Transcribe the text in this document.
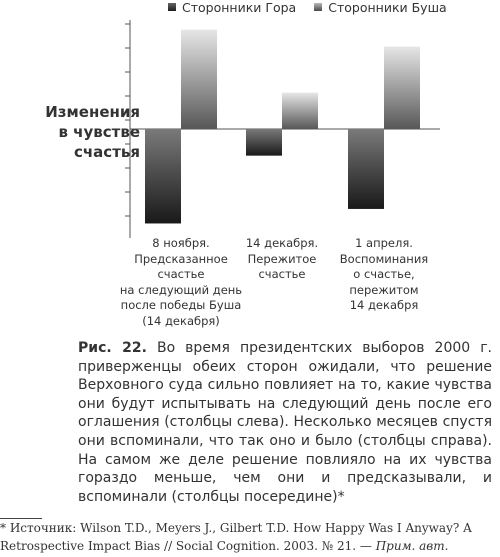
Сторонники Гора	Сторонники Буша
Изменения
в чувстве
счастья
8 ноября.
Предсказанное
счастье
на следующий день
после победы Буша
(14 декабря)
14 декабря.
Пережитое
счастье
1 апреля.
Воспоминания
о счастье,
пережитом
14 декабря
Рис. 22. Во время президентских выборов 2000 г. приверженцы обеих сторон ожидали, что решение Верховного суда сильно повлияет на то, какие чувства они будут испытывать на следующий день после его оглашения (столбцы слева). Несколько месяцев спустя они вспоминали, что так оно и было (столбцы справа). На самом же деле решение повлияло на их чувства гораздо меньше, чем они и предсказывали, и вспоминали (столбцы посередине)*
* Источник: Wilson T.D., Meyers J., Gilbert T.D. How Happy Was I Anyway? A Retrospective Impact Bias // Social Cognition. 2003. № 21. — Прим. авт.
